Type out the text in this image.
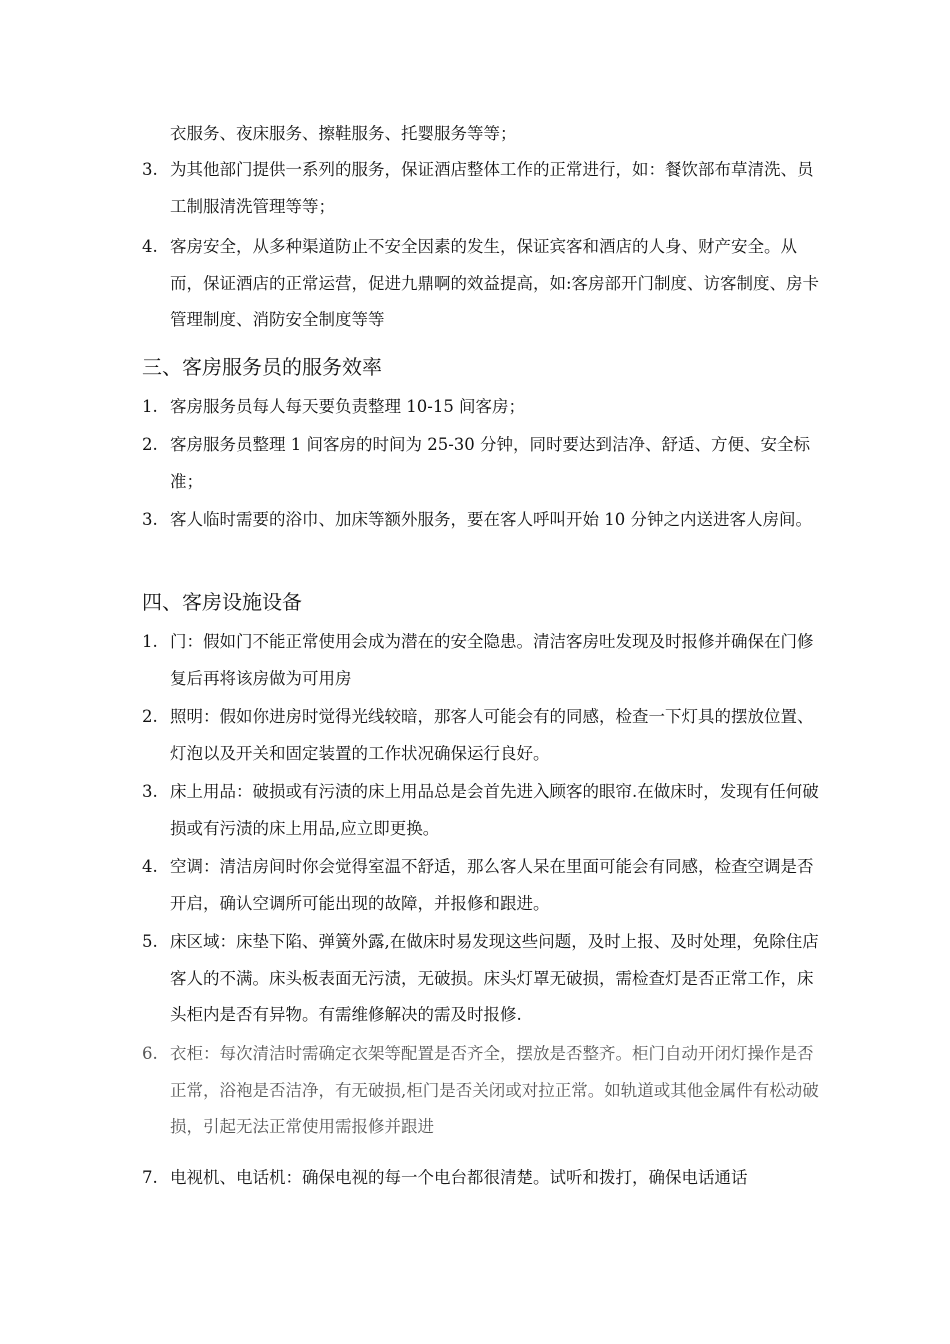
衣服务、夜床服务、擦鞋服务、托婴服务等等；
3. 为其他部门提供一系列的服务，保证酒店整体工作的正常进行，如：餐饮部布草清洗、员工制服清洗管理等等；
4. 客房安全，从多种渠道防止不安全因素的发生，保证宾客和酒店的人身、财产安全。从而，保证酒店的正常运营，促进九鼎啊的效益提高，如:客房部开门制度、访客制度、房卡管理制度、消防安全制度等等
三、客房服务员的服务效率
1. 客房服务员每人每天要负责整理 10-15 间客房；
2. 客房服务员整理 1 间客房的时间为 25-30 分钟，同时要达到洁净、舒适、方便、安全标准；
3. 客人临时需要的浴巾、加床等额外服务，要在客人呼叫开始 10 分钟之内送进客人房间。
四、客房设施设备
1. 门：假如门不能正常使用会成为潜在的安全隐患。清洁客房吐发现及时报修并确保在门修复后再将该房做为可用房
2. 照明：假如你进房时觉得光线较暗，那客人可能会有的同感，检查一下灯具的摆放位置、灯泡以及开关和固定装置的工作状况确保运行良好。
3. 床上用品：破损或有污渍的床上用品总是会首先进入顾客的眼帘.在做床时，发现有任何破损或有污渍的床上用品,应立即更换。
4. 空调：清洁房间时你会觉得室温不舒适，那么客人呆在里面可能会有同感，检查空调是否开启，确认空调所可能出现的故障，并报修和跟进。
5. 床区域：床垫下陷、弹簧外露,在做床时易发现这些问题，及时上报、及时处理，免除住店客人的不满。床头板表面无污渍，无破损。床头灯罩无破损，需检查灯是否正常工作，床头柜内是否有异物。有需维修解决的需及时报修.
6. 衣柜：每次清洁时需确定衣架等配置是否齐全，摆放是否整齐。柜门自动开闭灯操作是否正常，浴袍是否洁净，有无破损,柜门是否关闭或对拉正常。如轨道或其他金属件有松动破损，引起无法正常使用需报修并跟进
7. 电视机、电话机：确保电视的每一个电台都很清楚。试听和拨打，确保电话通话
